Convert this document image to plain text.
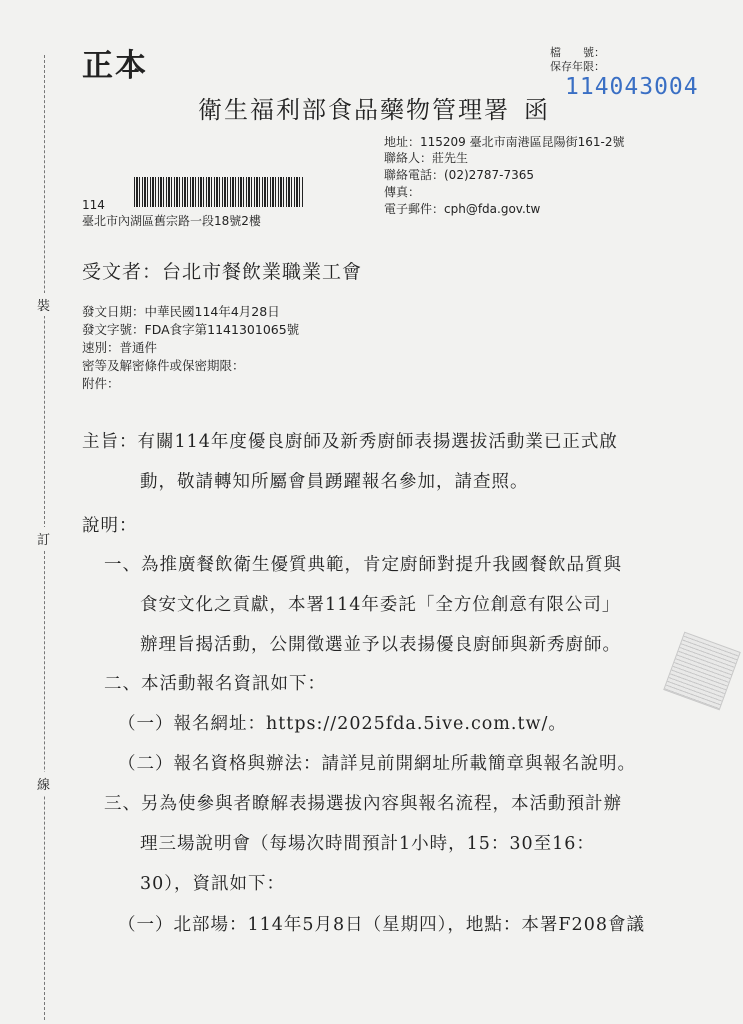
裝
訂
線
正本	檔　　號：
保存年限：
114043004
衛生福利部食品藥物管理署 函
地址：115209 臺北市南港區昆陽街161-2號
聯絡人：莊先生
聯絡電話：(02)2787-7365
傳真：
電子郵件：cph@fda.gov.tw
114
臺北市內湖區舊宗路一段18號2樓
受文者：台北市餐飲業職業工會
發文日期：中華民國114年4月28日
發文字號：FDA食字第1141301065號
速別：普通件
密等及解密條件或保密期限：
附件：
主旨：有關114年度優良廚師及新秀廚師表揚選拔活動業已正式啟
動，敬請轉知所屬會員踴躍報名參加，請查照。
說明：
一、為推廣餐飲衛生優質典範，肯定廚師對提升我國餐飲品質與
食安文化之貢獻，本署114年委託「全方位創意有限公司」
辦理旨揭活動，公開徵選並予以表揚優良廚師與新秀廚師。
二、本活動報名資訊如下：
（一）報名網址：https://2025fda.5ive.com.tw/。
（二）報名資格與辦法：請詳見前開網址所載簡章與報名說明。
三、另為使參與者瞭解表揚選拔內容與報名流程，本活動預計辦
理三場說明會（每場次時間預計1小時，15：30至16：
30），資訊如下：
（一）北部場：114年5月8日（星期四），地點：本署F208會議
